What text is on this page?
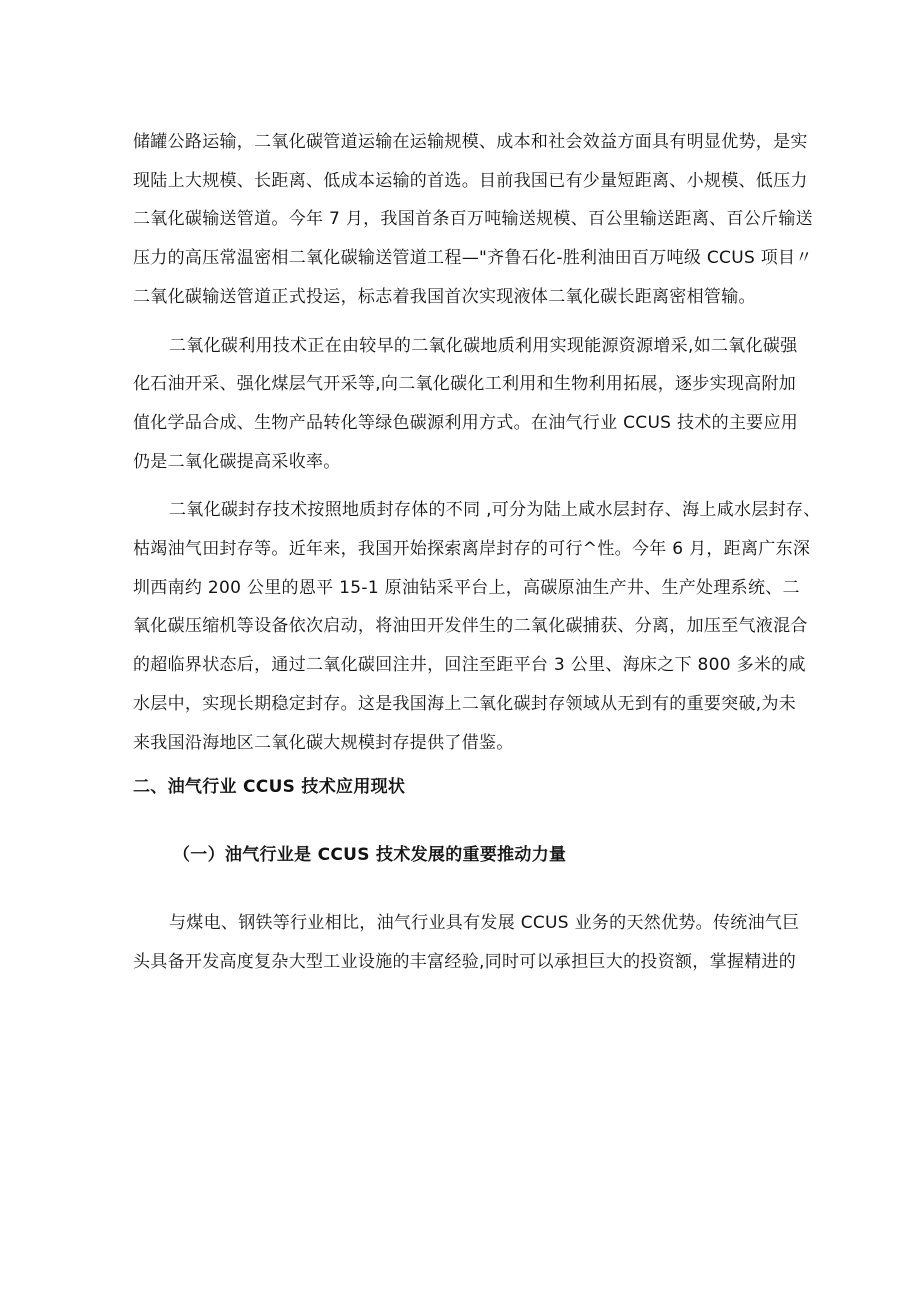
储罐公路运输，二氧化碳管道运输在运输规模、成本和社会效益方面具有明显优势，是实
现陆上大规模、长距离、低成本运输的首选。目前我国已有少量短距离、小规模、低压力
二氧化碳输送管道。今年 7 月，我国首条百万吨输送规模、百公里输送距离、百公斤输送
压力的高压常温密相二氧化碳输送管道工程—"齐鲁石化-胜利油田百万吨级 CCUS 项目〃
二氧化碳输送管道正式投运，标志着我国首次实现液体二氧化碳长距离密相管输。
二氧化碳利用技术正在由较早的二氧化碳地质利用实现能源资源增采,如二氧化碳强
化石油开采、强化煤层气开采等,向二氧化碳化工利用和生物利用拓展，逐步实现高附加
值化学品合成、生物产品转化等绿色碳源利用方式。在油气行业 CCUS 技术的主要应用
仍是二氧化碳提高采收率。
二氧化碳封存技术按照地质封存体的不同 ,可分为陆上咸水层封存、海上咸水层封存、
枯竭油气田封存等。近年来，我国开始探索离岸封存的可行^性。今年 6 月，距离广东深
圳西南约 200 公里的恩平 15-1 原油钻采平台上，高碳原油生产井、生产处理系统、二
氧化碳压缩机等设备依次启动，将油田开发伴生的二氧化碳捕获、分离，加压至气液混合
的超临界状态后，通过二氧化碳回注井，回注至距平台 3 公里、海床之下 800 多米的咸
水层中，实现长期稳定封存。这是我国海上二氧化碳封存领域从无到有的重要突破,为未
来我国沿海地区二氧化碳大规模封存提供了借鉴。
二、油气行业 CCUS 技术应用现状
（一）油气行业是 CCUS 技术发展的重要推动力量
与煤电、钢铁等行业相比，油气行业具有发展 CCUS 业务的天然优势。传统油气巨
头具备开发高度复杂大型工业设施的丰富经验,同时可以承担巨大的投资额，掌握精进的
